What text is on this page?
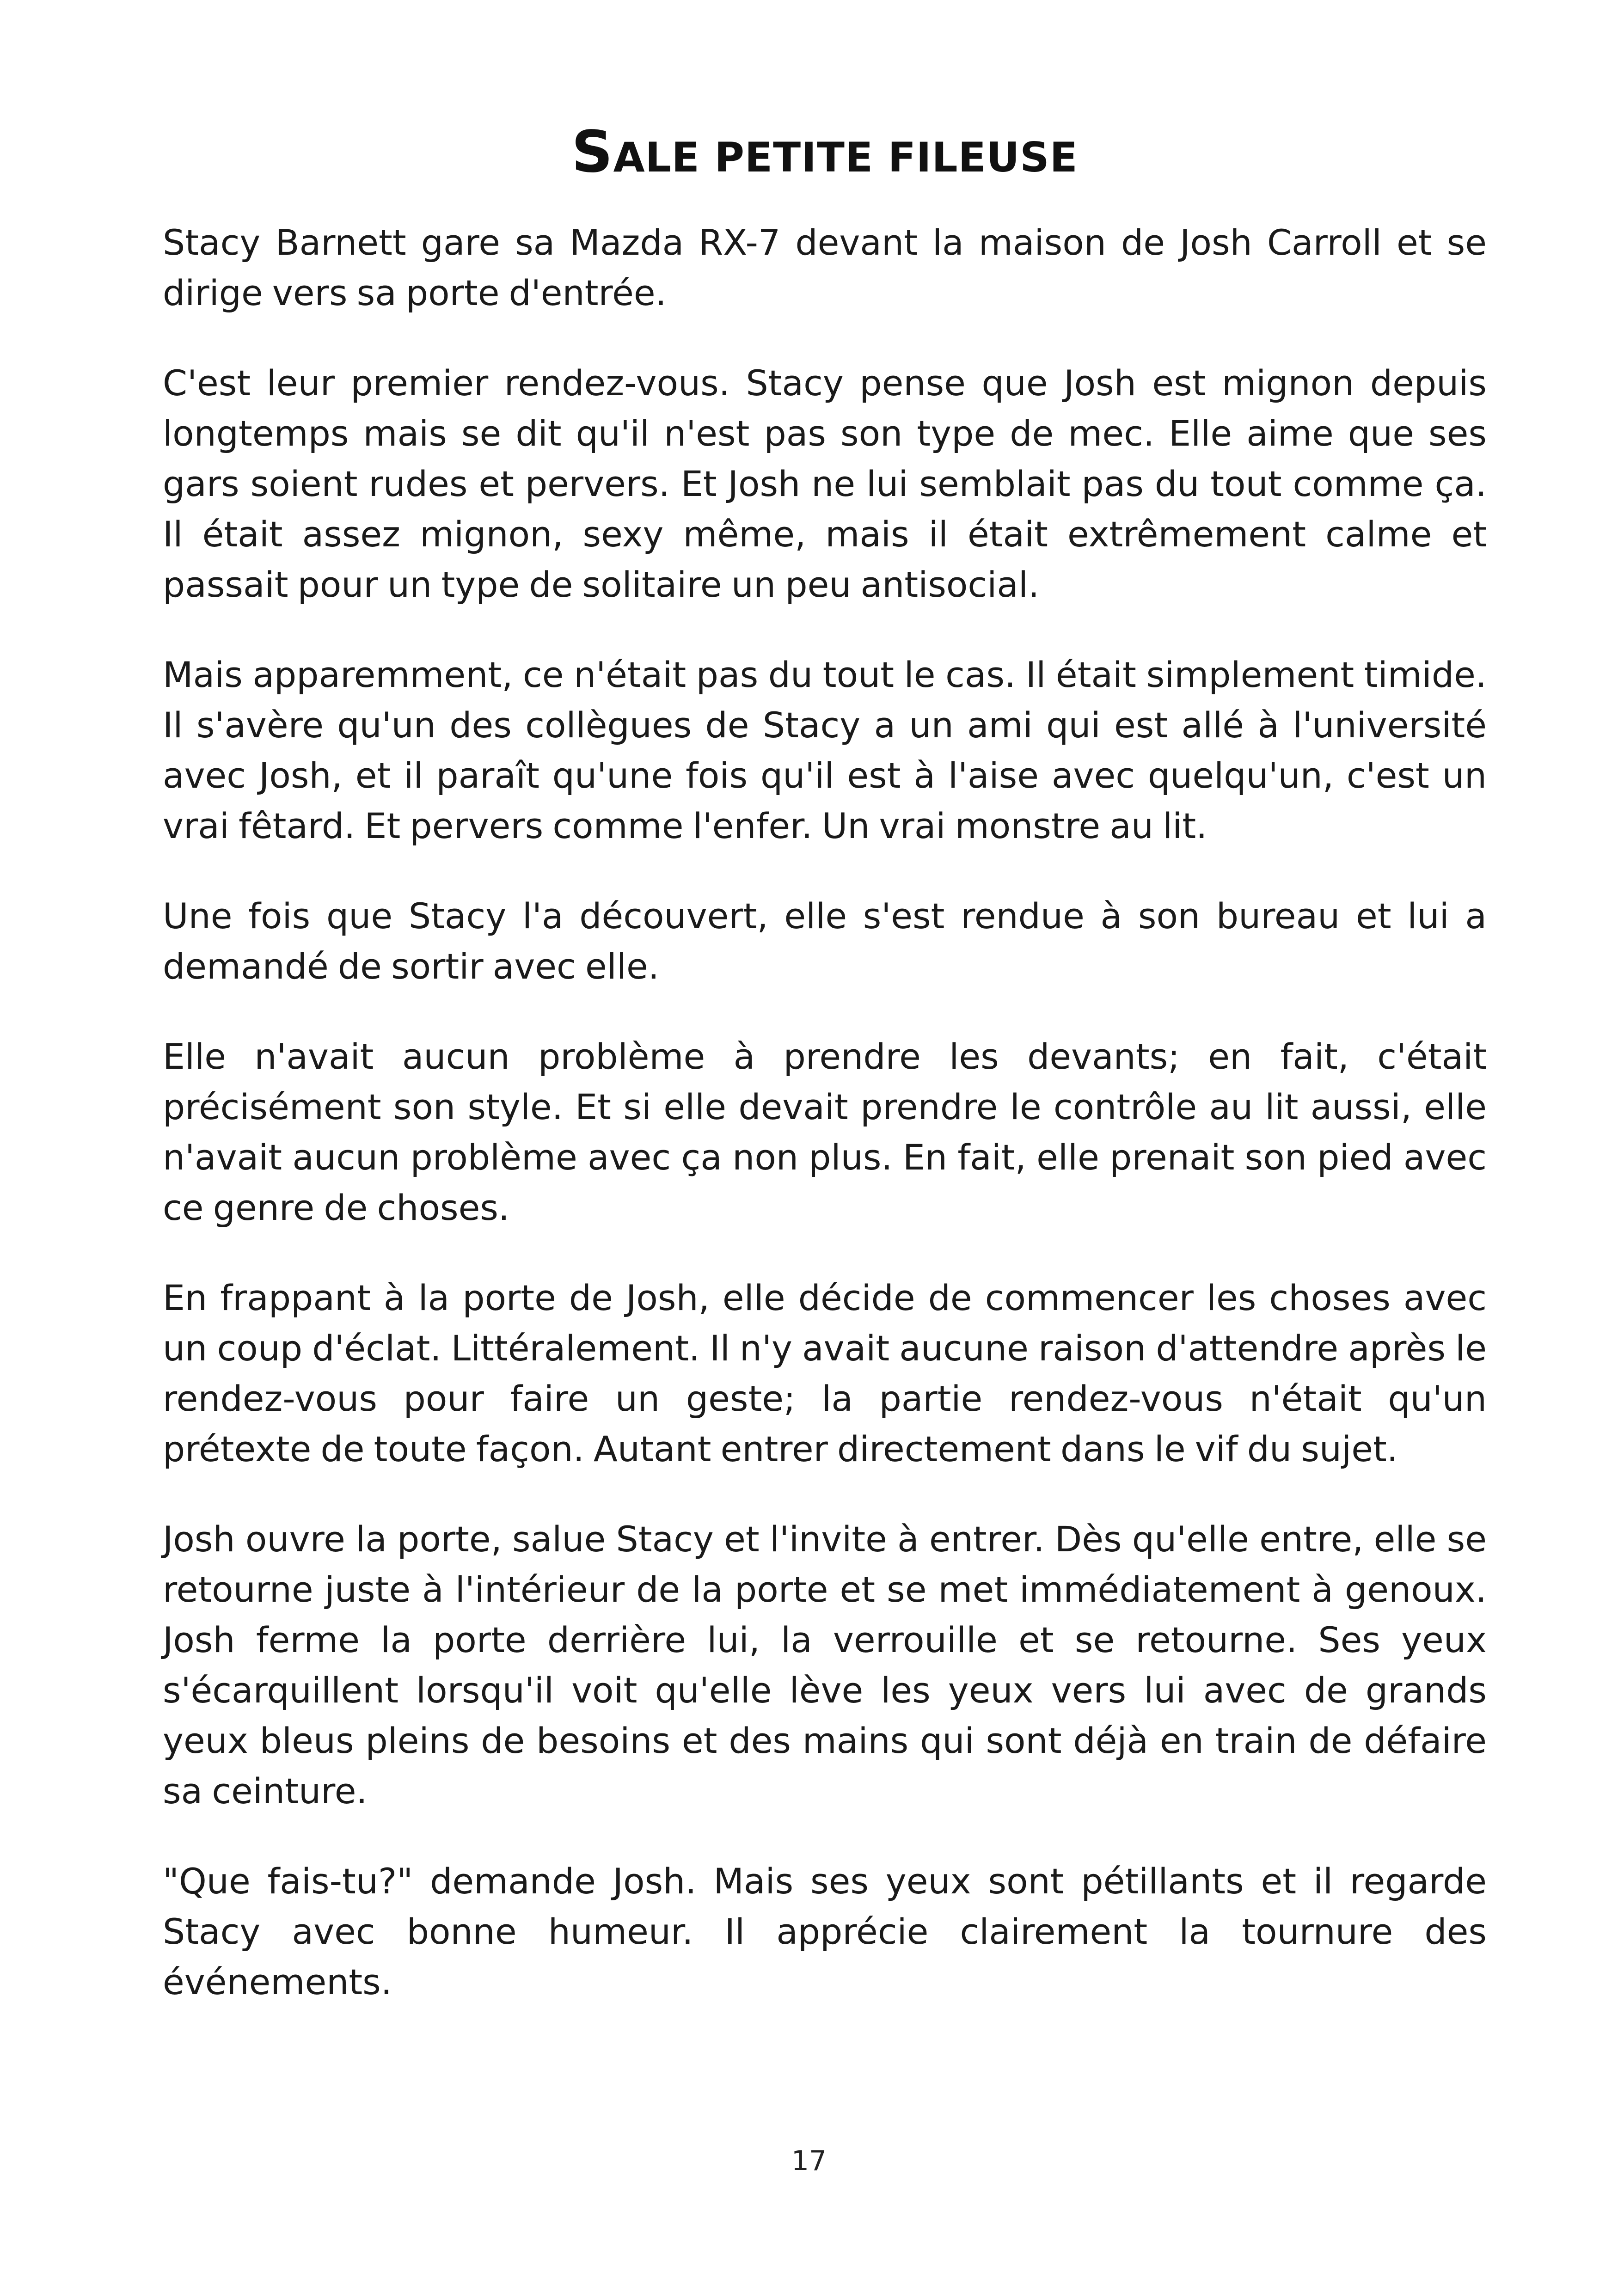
SALE PETITE FILEUSE

Stacy Barnett gare sa Mazda RX-7 devant la maison de Josh Carroll et se dirige vers sa porte d'entrée.

C'est leur premier rendez-vous. Stacy pense que Josh est mignon depuis longtemps mais se dit qu'il n'est pas son type de mec. Elle aime que ses gars soient rudes et pervers. Et Josh ne lui semblait pas du tout comme ça. Il était assez mignon, sexy même, mais il était extrêmement calme et passait pour un type de solitaire un peu antisocial.

Mais apparemment, ce n'était pas du tout le cas. Il était simplement timide. Il s'avère qu'un des collègues de Stacy a un ami qui est allé à l'université avec Josh, et il paraît qu'une fois qu'il est à l'aise avec quelqu'un, c'est un vrai fêtard. Et pervers comme l'enfer. Un vrai monstre au lit.

Une fois que Stacy l'a découvert, elle s'est rendue à son bureau et lui a demandé de sortir avec elle.

Elle n'avait aucun problème à prendre les devants; en fait, c'était précisément son style. Et si elle devait prendre le contrôle au lit aussi, elle n'avait aucun problème avec ça non plus. En fait, elle prenait son pied avec ce genre de choses.

En frappant à la porte de Josh, elle décide de commencer les choses avec un coup d'éclat. Littéralement. Il n'y avait aucune raison d'attendre après le rendez-vous pour faire un geste; la partie rendez-vous n'était qu'un prétexte de toute façon. Autant entrer directement dans le vif du sujet.

Josh ouvre la porte, salue Stacy et l'invite à entrer. Dès qu'elle entre, elle se retourne juste à l'intérieur de la porte et se met immédiatement à genoux. Josh ferme la porte derrière lui, la verrouille et se retourne. Ses yeux s'écarquillent lorsqu'il voit qu'elle lève les yeux vers lui avec de grands yeux bleus pleins de besoins et des mains qui sont déjà en train de défaire sa ceinture.

"Que fais-tu?" demande Josh. Mais ses yeux sont pétillants et il regarde Stacy avec bonne humeur. Il apprécie clairement la tournure des événements.

17
